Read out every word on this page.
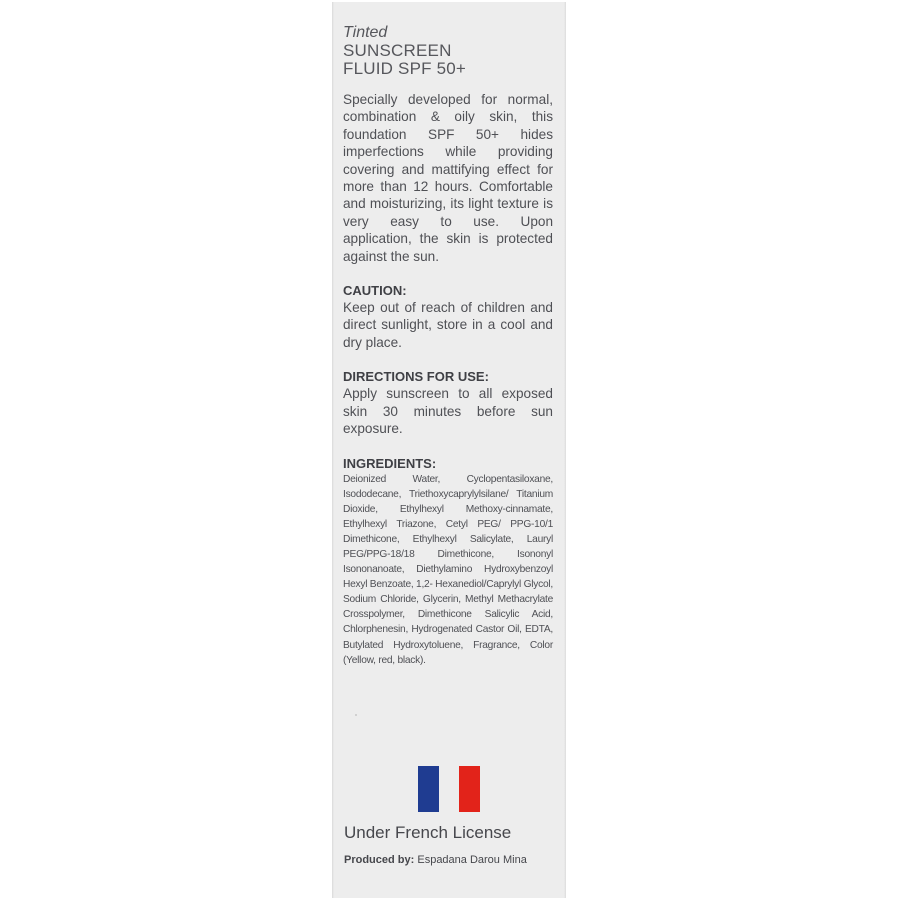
Tinted
SUNSCREEN
FLUID SPF 50+
Specially developed for normal, combination & oily skin, this foundation SPF 50+ hides imperfections while providing covering and mattifying effect for more than 12 hours. Comfortable and moisturizing, its light texture is very easy to use. Upon application, the skin is protected against the sun.
CAUTION:
Keep out of reach of children and direct sunlight, store in a cool and dry place.
DIRECTIONS FOR USE:
Apply sunscreen to all exposed skin 30 minutes before sun exposure.
INGREDIENTS:
Deionized Water, Cyclopentasiloxane, Isododecane, Triethoxycaprylylsilane/ Titanium Dioxide, Ethylhexyl Methoxy-cinnamate, Ethylhexyl Triazone, Cetyl PEG/ PPG-10/1 Dimethicone, Ethylhexyl Salicylate, Lauryl PEG/PPG-18/18 Dimethicone, Isononyl Isononanoate, Diethylamino Hydroxybenzoyl Hexyl Benzoate, 1,2- Hexanediol/Caprylyl Glycol, Sodium Chloride, Glycerin, Methyl Methacrylate Crosspolymer, Dimethicone Salicylic Acid, Chlorphenesin, Hydrogenated Castor Oil, EDTA, Butylated Hydroxytoluene, Fragrance, Color (Yellow, red, black).
Under French License
Produced by: Espadana Darou Mina
